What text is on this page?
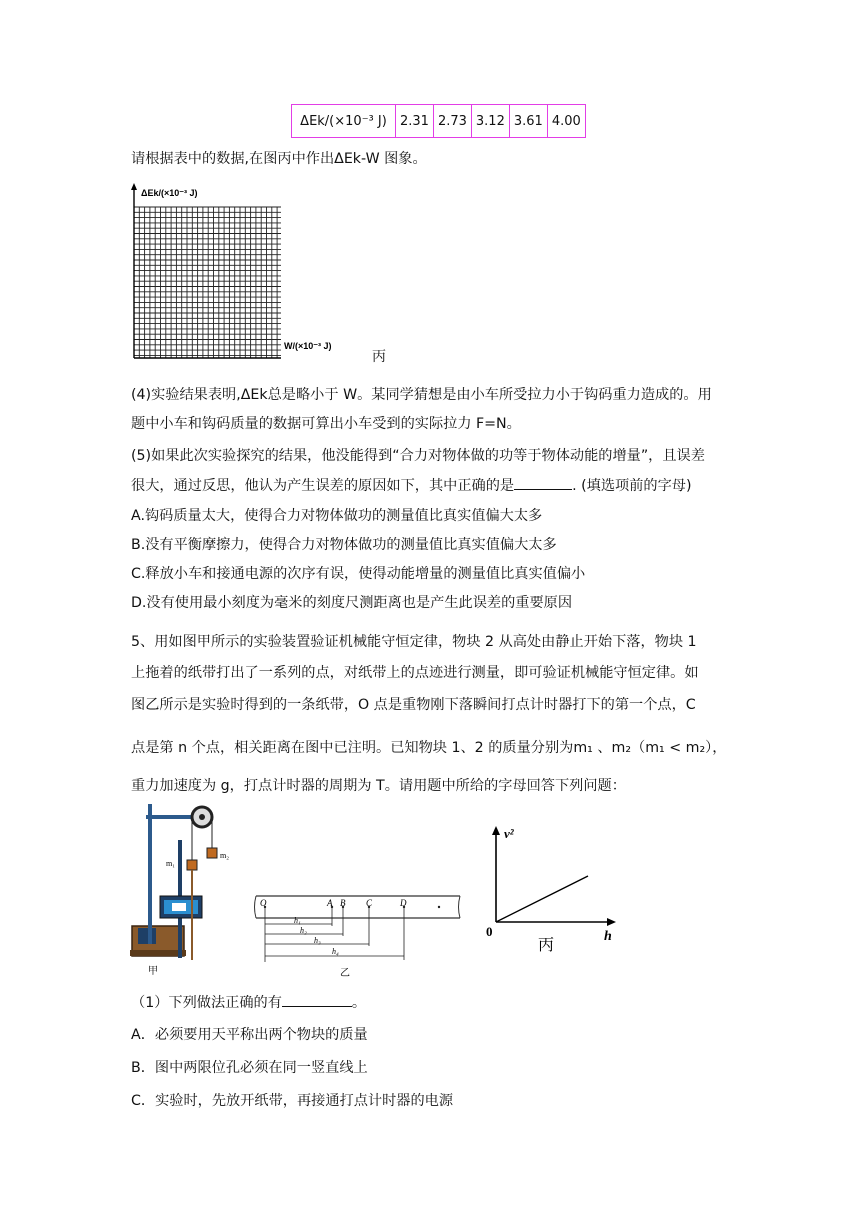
ΔEk/(×10⁻³ J)	2.31	2.73	3.12	3.61	4.00
请根据表中的数据,在图丙中作出ΔEk-W 图象。
ΔEk/(×10⁻³ J)
W/(×10⁻³ J)
丙
(4)实验结果表明,ΔEk总是略小于 W。某同学猜想是由小车所受拉力小于钩码重力造成的。用
题中小车和钩码质量的数据可算出小车受到的实际拉力 F=N。
(5)如果此次实验探究的结果，他没能得到“合力对物体做的功等于物体动能的增量”，且误差
很大，通过反思，他认为产生误差的原因如下，其中正确的是	. (填选项前的字母)
A.钩码质量太大，使得合力对物体做功的测量值比真实值偏大太多
B.没有平衡摩擦力，使得合力对物体做功的测量值比真实值偏大太多
C.释放小车和接通电源的次序有误，使得动能增量的测量值比真实值偏小
D.没有使用最小刻度为毫米的刻度尺测距离也是产生此误差的重要原因
5、用如图甲所示的实验装置验证机械能守恒定律，物块 2 从高处由静止开始下落，物块 1
上拖着的纸带打出了一系列的点，对纸带上的点迹进行测量，即可验证机械能守恒定律。如
图乙所示是实验时得到的一条纸带，O 点是重物刚下落瞬间打点计时器打下的第一个点，C
点是第 n 个点，相关距离在图中已注明。已知物块 1、2 的质量分别为m₁ 、m₂（m₁ < m₂），
重力加速度为 g，打点计时器的周期为 T。请用题中所给的字母回答下列问题：
m₁
m₂
甲
O	A B C	D
h₁
h₂
h₃
h₄
乙
v²
h
0
丙
（1）下列做法正确的有	。
A．必须要用天平称出两个物块的质量
B．图中两限位孔必须在同一竖直线上
C．实验时，先放开纸带，再接通打点计时器的电源
